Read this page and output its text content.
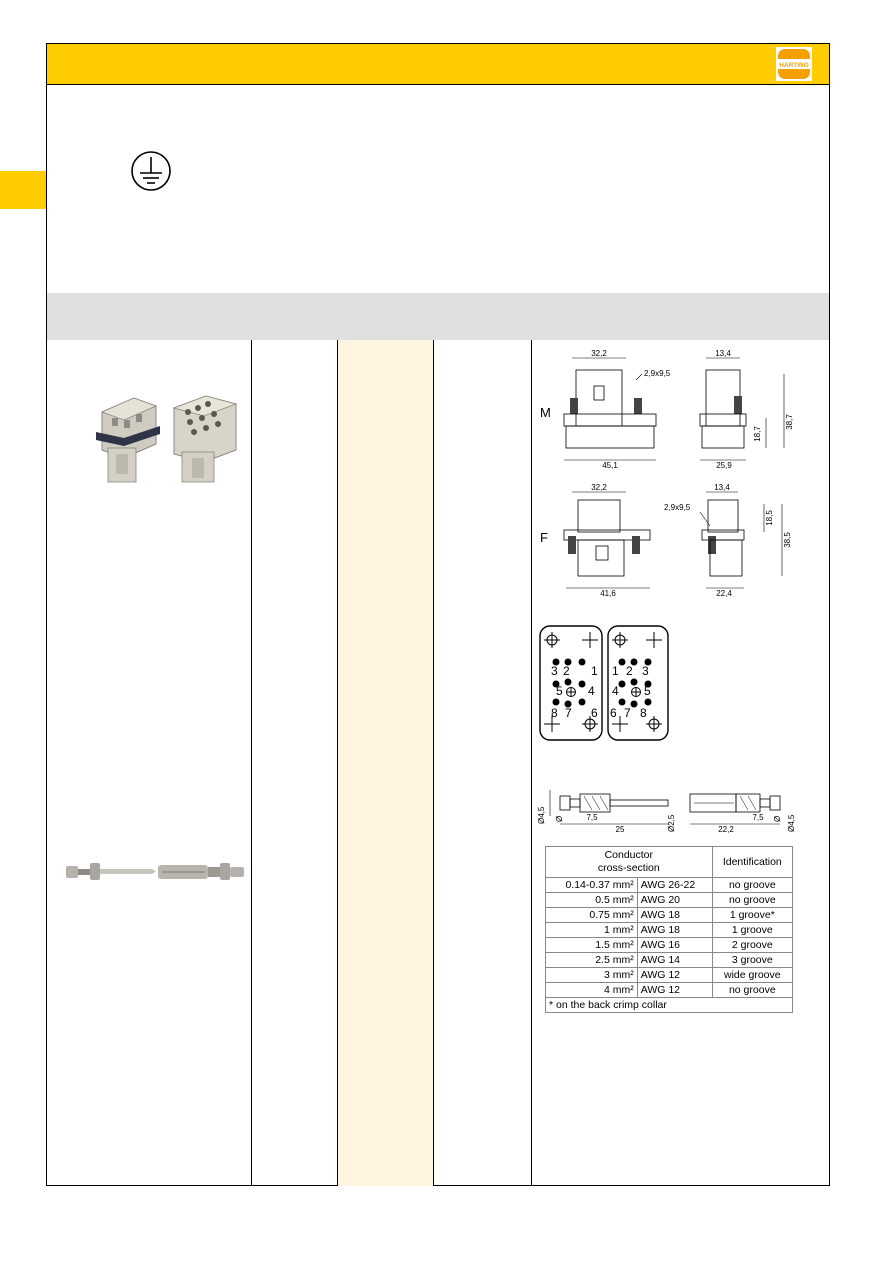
HARTING
M
F
32,2
2,9x9,5
45,1
13,4
38,7
18,7
25,9
32,2
41,6
13,4
2,9x9,5
18,5
38,5
22,4
3 2 1
5 4
8 7 6
1 2 3
4 5
6 7 8
Ø4,5 Ø	7,5
25	Ø2,5	22,2
7,5 Ø Ø4,5
Conductor
cross-section		Identification
0.14-0.37 mm²	AWG 26-22	no groove
0.5 mm²	AWG 20	no groove
0.75 mm²	AWG 18	1 groove*
1 mm²	AWG 18	1 groove
1.5 mm²	AWG 16	2 groove
2.5 mm²	AWG 14	3 groove
3 mm²	AWG 12	wide groove
4 mm²	AWG 12	no groove
* on the back crimp collar		
